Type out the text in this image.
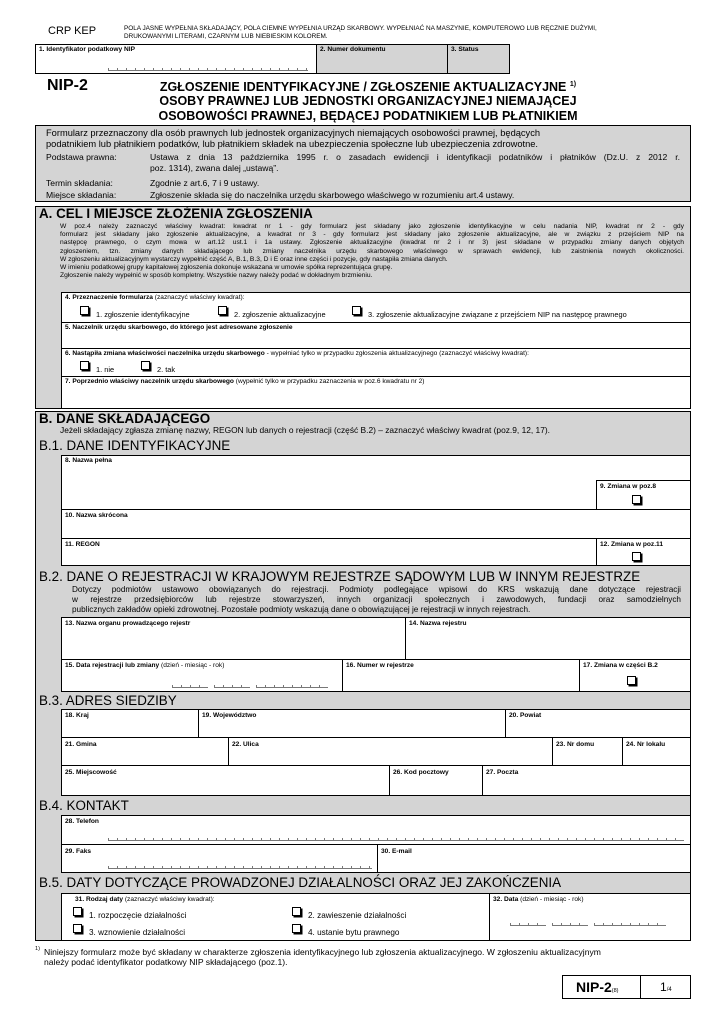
CRP KEP	POLA JASNE WYPEŁNIA SKŁADAJĄCY, POLA CIEMNE WYPEŁNIA URZĄD SKARBOWY. WYPEŁNIAĆ NA MASZYNIE, KOMPUTEROWO LUB RĘCZNIE DUŻYMI,
DRUKOWANYMI LITERAMI, CZARNYM LUB NIEBIESKIM KOLOREM.
1. Identyfikator podatkowy NIP	2. Numer dokumentu	3. Status
NIP-2	ZGŁOSZENIE IDENTYFIKACYJNE / ZGŁOSZENIE AKTUALIZACYJNE $^{1)}$
OSOBY PRAWNEJ LUB JEDNOSTKI ORGANIZACYJNEJ NIEMAJĄCEJ
OSOBOWOŚCI PRAWNEJ, BĘDĄCEJ PODATNIKIEM LUB PŁATNIKIEM
Formularz przeznaczony dla osób prawnych lub jednostek organizacyjnych niemających osobowości prawnej, będących
podatnikiem lub płatnikiem podatków, lub płatnikiem składek na ubezpieczenia społeczne lub ubezpieczenia zdrowotne.
Podstawa prawna:	Ustawa z dnia 13 października 1995 r. o zasadach ewidencji i identyfikacji podatników i płatników (Dz.U. z 2012 r.
poz. 1314), zwana dalej „ustawą”.
Termin składania:	Zgodnie z art.6, 7 i 9 ustawy.
Miejsce składania:	Zgłoszenie składa się do naczelnika urzędu skarbowego właściwego w rozumieniu art.4 ustawy.
A. CEL I MIEJSCE ZŁOŻENIA ZGŁOSZENIA
W poz.4 należy zaznaczyć właściwy kwadrat: kwadrat nr 1 - gdy formularz jest składany jako zgłoszenie identyfikacyjne w celu nadania NIP, kwadrat nr 2 - gdy
formularz jest składany jako zgłoszenie aktualizacyjne, a kwadrat nr 3 - gdy formularz jest składany jako zgłoszenie aktualizacyjne, ale w związku z przejściem NIP na
następcę prawnego, o czym mowa w art.12 ust.1 i 1a ustawy. Zgłoszenie aktualizacyjne (kwadrat nr 2 i nr 3) jest składane w przypadku zmiany danych objętych
zgłoszeniem, tzn. zmiany danych składającego lub zmiany naczelnika urzędu skarbowego właściwego w sprawach ewidencji, lub zaistnienia nowych okoliczności.
W zgłoszeniu aktualizacyjnym wystarczy wypełnić część A, B.1, B.3, D i E oraz inne części i pozycje, gdy nastąpiła zmiana danych.
W imieniu podatkowej grupy kapitałowej zgłoszenia dokonuje wskazana w umowie spółka reprezentująca grupę.
Zgłoszenie należy wypełnić w sposób kompletny. Wszystkie nazwy należy podać w dokładnym brzmieniu.
4. Przeznaczenie formularza (zaznaczyć właściwy kwadrat):
1. zgłoszenie identyfikacyjne	2. zgłoszenie aktualizacyjne	3. zgłoszenie aktualizacyjne związane z przejściem NIP na następcę prawnego
5. Naczelnik urzędu skarbowego, do którego jest adresowane zgłoszenie
6. Nastąpiła zmiana właściwości naczelnika urzędu skarbowego - wypełniać tylko w przypadku zgłoszenia aktualizacyjnego (zaznaczyć właściwy kwadrat):
1. nie	2. tak
7. Poprzednio właściwy naczelnik urzędu skarbowego (wypełnić tylko w przypadku zaznaczenia w poz.6 kwadratu nr 2)
B. DANE SKŁADAJĄCEGO
Jeżeli składający zgłasza zmianę nazwy, REGON lub danych o rejestracji (część B.2) – zaznaczyć właściwy kwadrat (poz.9, 12, 17).
B.1. DANE IDENTYFIKACYJNE
8. Nazwa pełna
9. Zmiana w poz.8
10. Nazwa skrócona
11. REGON	12. Zmiana w poz.11
B.2. DANE O REJESTRACJI W KRAJOWYM REJESTRZE SĄDOWYM LUB W INNYM REJESTRZE
Dotyczy podmiotów ustawowo obowiązanych do rejestracji. Podmioty podlegające wpisowi do KRS wskazują dane dotyczące rejestracji
w rejestrze przedsiębiorców lub rejestrze stowarzyszeń, innych organizacji społecznych i zawodowych, fundacji oraz samodzielnych
publicznych zakładów opieki zdrowotnej. Pozostałe podmioty wskazują dane o obowiązującej je rejestracji w innych rejestrach.
13. Nazwa organu prowadzącego rejestr	14. Nazwa rejestru
15. Data rejestracji lub zmiany (dzień - miesiąc - rok)	16. Numer w rejestrze	17. Zmiana w części B.2
B.3. ADRES SIEDZIBY
18. Kraj	19. Województwo	20. Powiat
21. Gmina	22. Ulica	23. Nr domu	24. Nr lokalu
25. Miejscowość	26. Kod pocztowy	27. Poczta
B.4. KONTAKT
28. Telefon
29. Faks	30. E-mail
B.5. DATY DOTYCZĄCE PROWADZONEJ DZIAŁALNOŚCI ORAZ JEJ ZAKOŃCZENIA
31. Rodzaj daty (zaznaczyć właściwy kwadrat):
1. rozpoczęcie działalności	2. zawieszenie działalności
3. wznowienie działalności	4. ustanie bytu prawnego
32. Data (dzień - miesiąc - rok)
1) Niniejszy formularz może być składany w charakterze zgłoszenia identyfikacyjnego lub zgłoszenia aktualizacyjnego. W zgłoszeniu aktualizacyjnym
należy podać identyfikator podatkowy NIP składającego (poz.1).
NIP-2(8)	1/4
